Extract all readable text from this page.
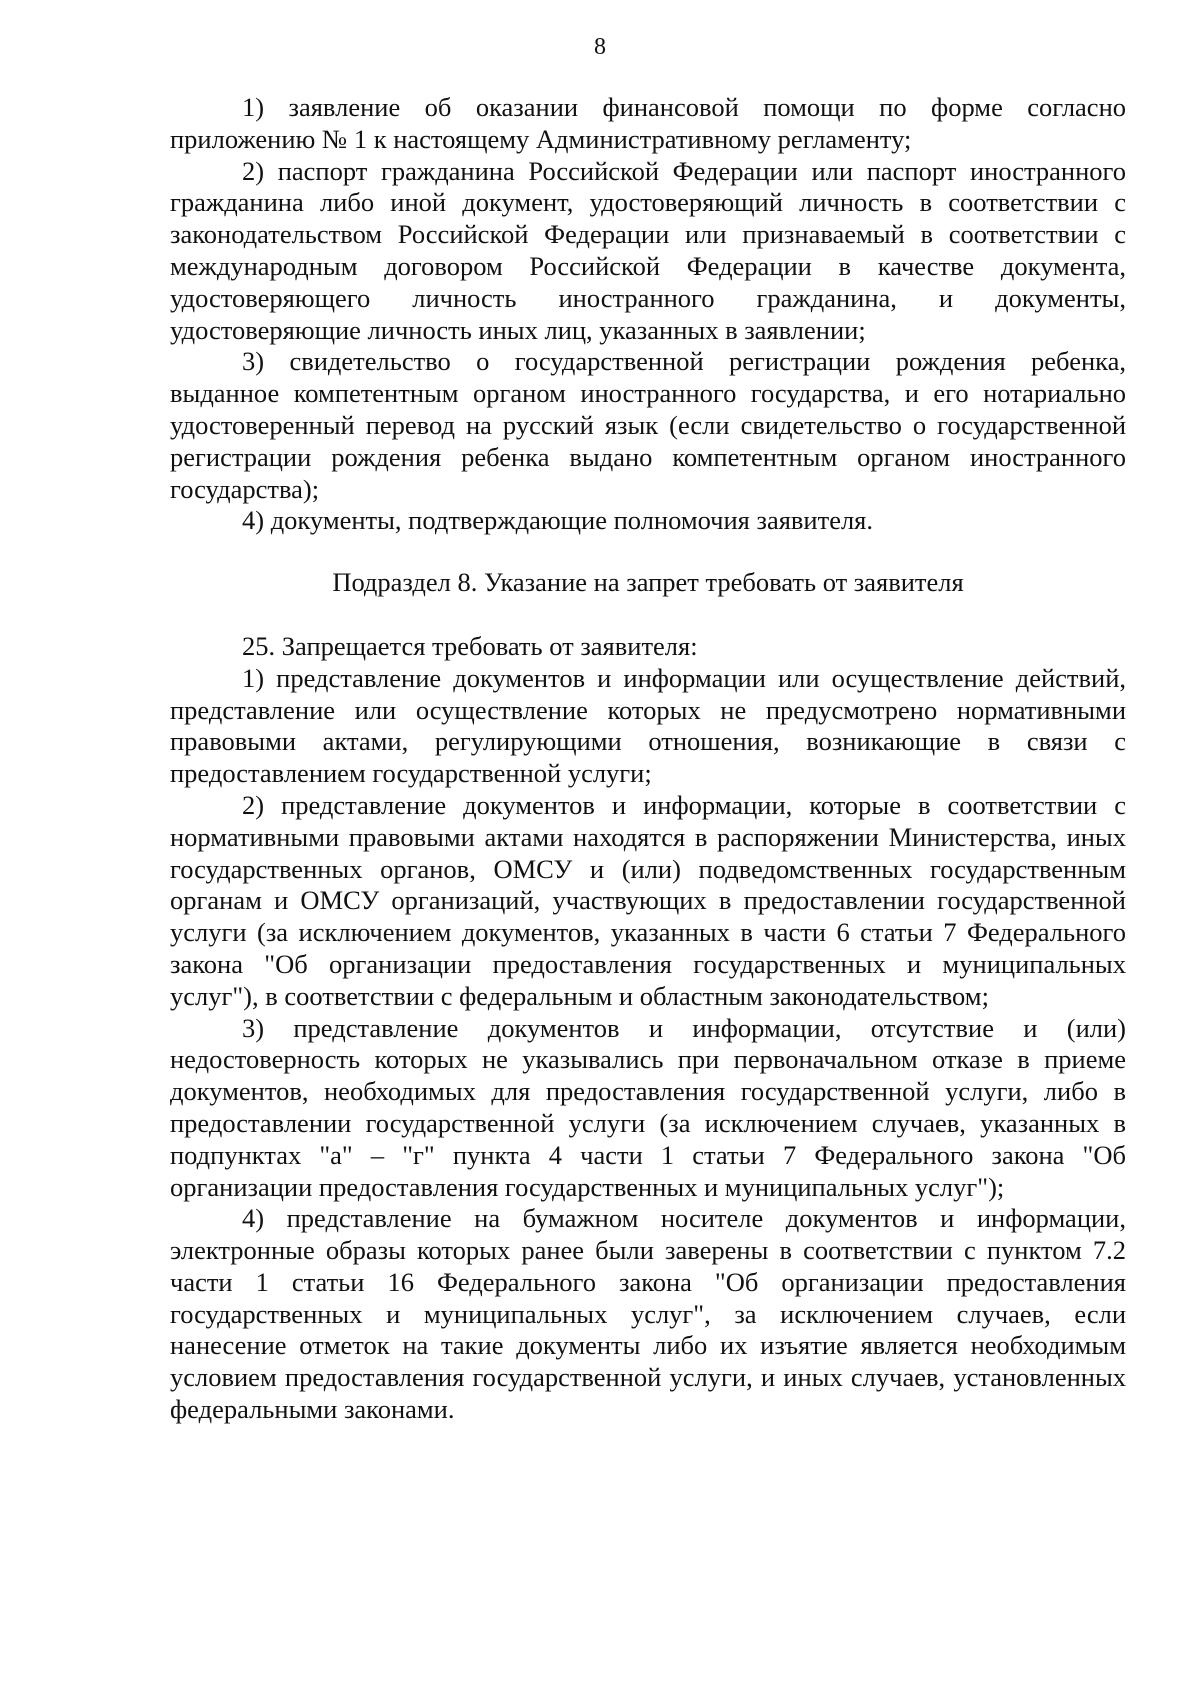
8

1) заявление об оказании финансовой помощи по форме согласно приложению № 1 к настоящему Административному регламенту;

2) паспорт гражданина Российской Федерации или паспорт иностранного гражданина либо иной документ, удостоверяющий личность в соответствии с законодательством Российской Федерации или признаваемый в соответствии с международным договором Российской Федерации в качестве документа, удостоверяющего личность иностранного гражданина, и документы, удостоверяющие личность иных лиц, указанных в заявлении;

3) свидетельство о государственной регистрации рождения ребенка, выданное компетентным органом иностранного государства, и его нотариально удостоверенный перевод на русский язык (если свидетельство о государственной регистрации рождения ребенка выдано компетентным органом иностранного государства);

4) документы, подтверждающие полномочия заявителя.

Подраздел 8. Указание на запрет требовать от заявителя

25. Запрещается требовать от заявителя:

1) представление документов и информации или осуществление действий, представление или осуществление которых не предусмотрено нормативными правовыми актами, регулирующими отношения, возникающие в связи с предоставлением государственной услуги;

2) представление документов и информации, которые в соответствии с нормативными правовыми актами находятся в распоряжении Министерства, иных государственных органов, ОМСУ и (или) подведомственных государственным органам и ОМСУ организаций, участвующих в предоставлении государственной услуги (за исключением документов, указанных в части 6 статьи 7 Федерального закона "Об организации предоставления государственных и муниципальных услуг"), в соответствии с федеральным и областным законодательством;

3) представление документов и информации, отсутствие и (или) недостоверность которых не указывались при первоначальном отказе в приеме документов, необходимых для предоставления государственной услуги, либо в предоставлении государственной услуги (за исключением случаев, указанных в подпунктах "а" – "г" пункта 4 части 1 статьи 7 Федерального закона "Об организации предоставления государственных и муниципальных услуг");

4) представление на бумажном носителе документов и информации, электронные образы которых ранее были заверены в соответствии с пунктом 7.2 части 1 статьи 16 Федерального закона "Об организации предоставления государственных и муниципальных услуг", за исключением случаев, если нанесение отметок на такие документы либо их изъятие является необходимым условием предоставления государственной услуги, и иных случаев, установленных федеральными законами.
